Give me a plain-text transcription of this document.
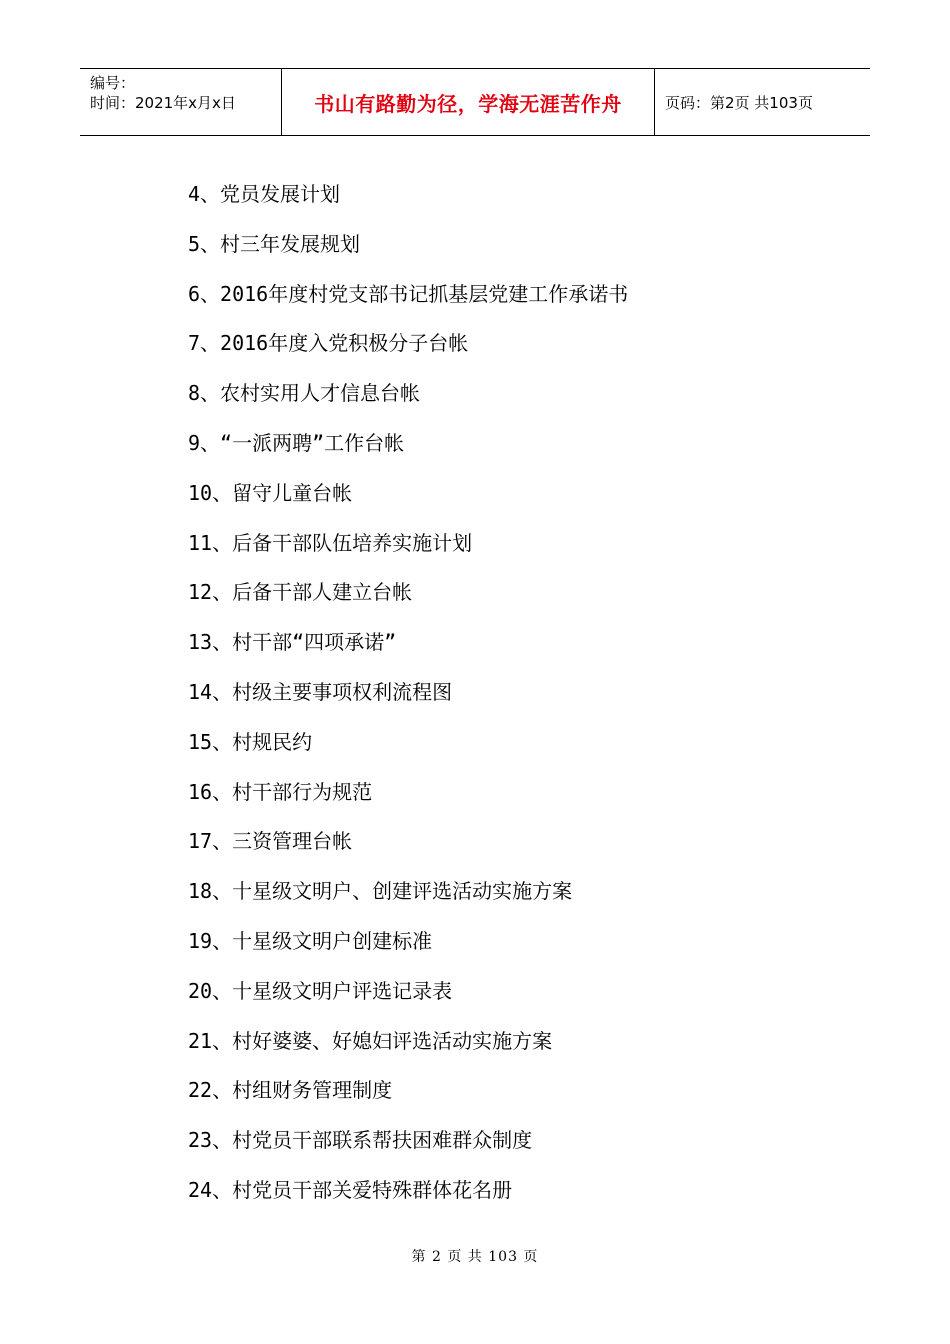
编号：
时间：2021年x月x日	书山有路勤为径，学海无涯苦作舟	页码：第2页 共103页
4、党员发展计划
5、村三年发展规划
6、2016年度村党支部书记抓基层党建工作承诺书
7、2016年度入党积极分子台帐
8、农村实用人才信息台帐
9、“一派两聘”工作台帐
10、留守儿童台帐
11、后备干部队伍培养实施计划
12、后备干部人建立台帐
13、村干部“四项承诺”
14、村级主要事项权利流程图
15、村规民约
16、村干部行为规范
17、三资管理台帐
18、十星级文明户、创建评选活动实施方案
19、十星级文明户创建标准
20、十星级文明户评选记录表
21、村好婆婆、好媳妇评选活动实施方案
22、村组财务管理制度
23、村党员干部联系帮扶困难群众制度
24、村党员干部关爱特殊群体花名册
第 2 页 共 103 页
